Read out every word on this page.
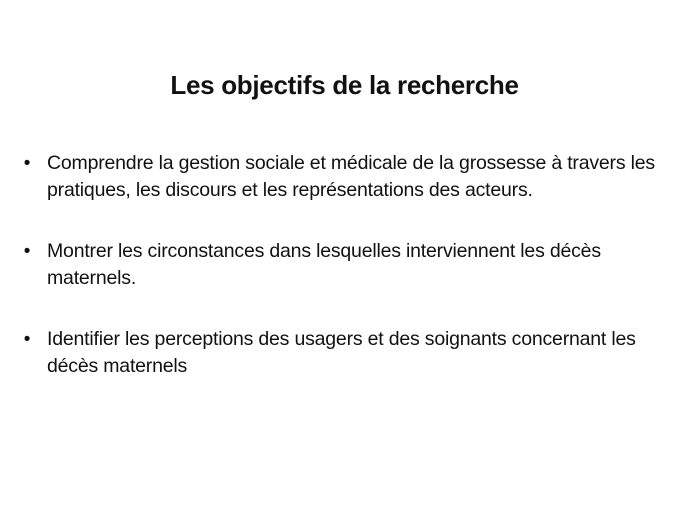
Les objectifs de la recherche
• Comprendre la gestion sociale et médicale de la grossesse à travers les pratiques, les discours et les représentations des acteurs.
• Montrer les circonstances dans lesquelles interviennent les décès maternels.
• Identifier les perceptions des usagers et des soignants concernant les décès maternels
